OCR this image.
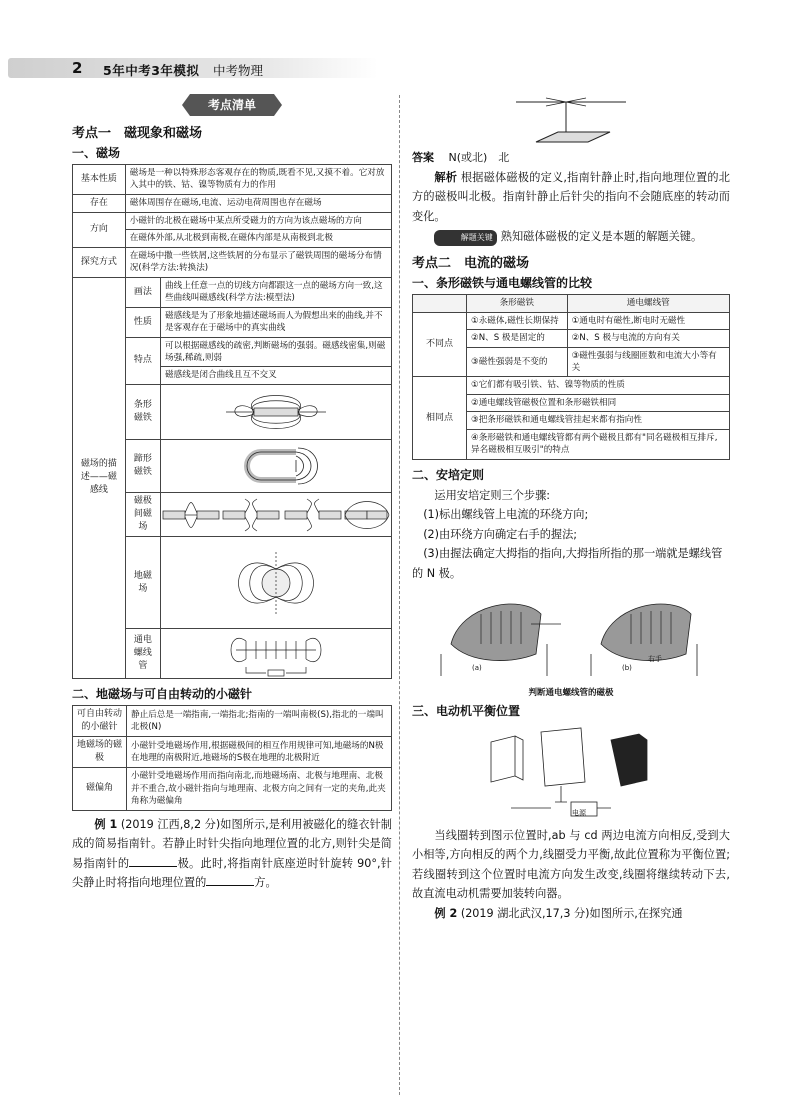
2 5年中考3年模拟 中考物理
考点清单
考点一　磁现象和磁场
一、磁场
基本性质	磁场是一种以特殊形态客观存在的物质,既看不见,又摸不着。它对放入其中的铁、钴、镍等物质有力的作用	
存在	磁体周围存在磁场,电流、运动电荷周围也存在磁场	
方向	小磁针的北极在磁场中某点所受磁力的方向为该点磁场的方向	
	在磁体外部,从北极到南极,在磁体内部是从南极到北极	
探究方式	在磁场中撒一些铁屑,这些铁屑的分布显示了磁铁周围的磁场分布情况(科学方法:转换法)	
磁场的描述——磁感线	画法	曲线上任意一点的切线方向都跟这一点的磁场方向一致,这些曲线叫磁感线(科学方法:模型法)
	性质	磁感线是为了形象地描述磁场而人为假想出来的曲线,并不是客观存在于磁场中的真实曲线
	特点	可以根据磁感线的疏密,判断磁场的强弱。磁感线密集,则磁场强,稀疏,则弱
		磁感线是闭合曲线且互不交叉
	条形磁铁	

	蹄形磁铁	

	磁极间磁场	

	地磁场	

	通电螺线管	
二、地磁场与可自由转动的小磁针
可自由转动的小磁针	静止后总是一端指南,一端指北;指南的一端叫南极(S),指北的一端叫北极(N)
地磁场的磁极	小磁针受地磁场作用,根据磁极间的相互作用规律可知,地磁场的N极在地理的南极附近,地磁场的S极在地理的北极附近
磁偏角	小磁针受地磁场作用而指向南北,而地磁场南、北极与地理南、北极并不重合,故小磁针指向与地理南、北极方向之间有一定的夹角,此夹角称为磁偏角
例 1 (2019 江西,8,2 分)如图所示,是利用被磁化的缝衣针制成的简易指南针。若静止时针尖指向地理位置的北方,则针尖是简易指南针的	极。此时,将指南针底座逆时针旋转 90°,针尖静止时将指向地理位置的	方。
答案　 N(或北)　北
解析 根据磁体磁极的定义,指南针静止时,指向地理位置的北方的磁极叫北极。指南针静止后针尖的指向不会随底座的转动而变化。
解题关键 熟知磁体磁极的定义是本题的解题关键。
考点二　电流的磁场
一、条形磁铁与通电螺线管的比较
	条形磁铁	通电螺线管
不同点	①永磁体,磁性长期保持	①通电时有磁性,断电时无磁性
	②N、S 极是固定的	②N、S 极与电流的方向有关
	③磁性强弱是不变的	③磁性强弱与线圈匝数和电流大小等有关
相同点	①它们都有吸引铁、钴、镍等物质的性质	
	②通电螺线管磁极位置和条形磁铁相同	
	③把条形磁铁和通电螺线管挂起来都有指向性	
	④条形磁铁和通电螺线管都有两个磁极且都有"同名磁极相互排斥,异名磁极相互吸引"的特点	
二、安培定则
运用安培定则三个步骤:
(1)标出螺线管上电流的环绕方向;
(2)由环绕方向确定右手的握法;
(3)由握法确定大拇指的指向,大拇指所指的那一端就是螺线管的 N 极。
(a)	(b)
右手
判断通电螺线管的磁极
三、电动机平衡位置
电源
当线圈转到图示位置时,ab 与 cd 两边电流方向相反,受到大小相等,方向相反的两个力,线圈受力平衡,故此位置称为平衡位置;若线圈转到这个位置时电流方向发生改变,线圈将继续转动下去,故直流电动机需要加装转向器。
例 2 (2019 湖北武汉,17,3 分)如图所示,在探究通
